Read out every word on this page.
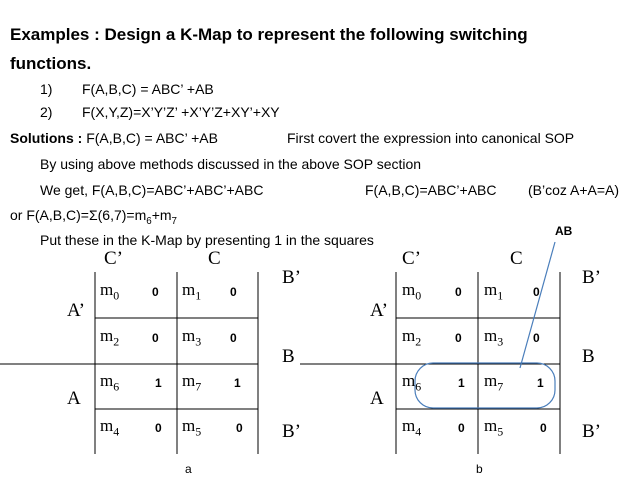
Examples : Design a K-Map to represent the following switching
functions.
1) F(A,B,C) = ABC’ +AB
2) F(X,Y,Z)=X’Y’Z’ +X’Y’Z+XY’+XY
Solutions : F(A,B,C) = ABC’ +AB	First covert the expression into canonical SOP
By using above methods discussed in the above SOP section
We get, F(A,B,C)=ABC’+ABC’+ABC	F(A,B,C)=ABC’+ABC (B’coz A+A=A)
or $F(A,B,C)=\Sigma(6,7)=m_6+m_7$
Put these in the K-Map by presenting 1 in the squares
C’	C
B’
A’
B
A
B’
$m_0$	0 $m_1$ 0
$m_2$	0 $m_3$ 0
$m_6$	1 $m_7$	1
$m_4$	0 $m_5$	0
a
C’	C
AB
B’
A’
B
A
B’
$m_0$	0 $m_1$ 0
$m_2$	0 $m_3$ 0
$m_6$	1 $m_7$	1
$m_4$	0 $m_5$	0
b
